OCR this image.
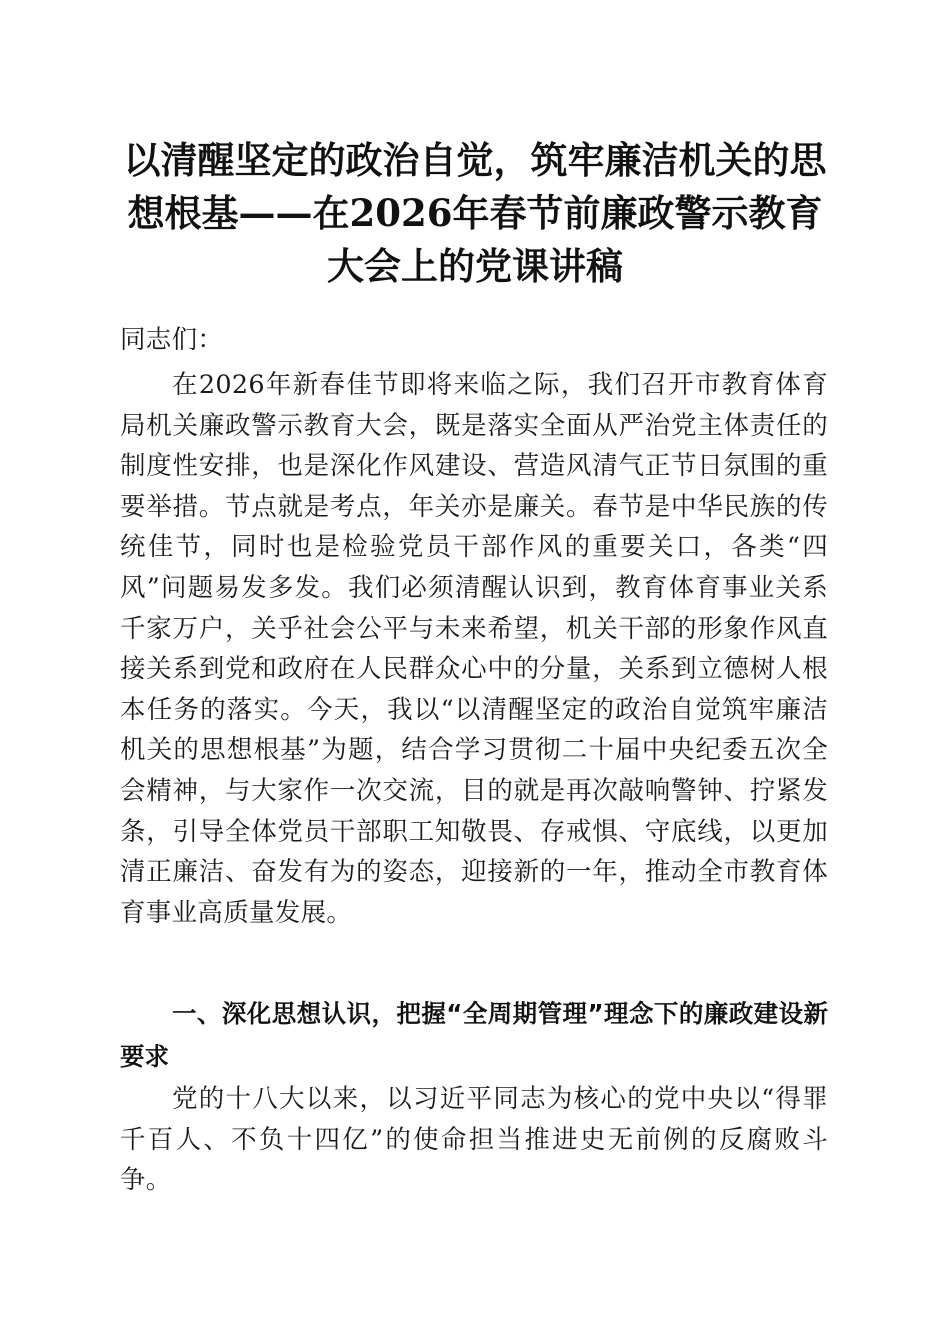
以清醒坚定的政治自觉，筑牢廉洁机关的思想根基——在2026年春节前廉政警示教育大会上的党课讲稿

同志们：

在2026年新春佳节即将来临之际，我们召开市教育体育局机关廉政警示教育大会，既是落实全面从严治党主体责任的制度性安排，也是深化作风建设、营造风清气正节日氛围的重要举措。节点就是考点，年关亦是廉关。春节是中华民族的传统佳节，同时也是检验党员干部作风的重要关口，各类“四风”问题易发多发。我们必须清醒认识到，教育体育事业关系千家万户，关乎社会公平与未来希望，机关干部的形象作风直接关系到党和政府在人民群众心中的分量，关系到立德树人根本任务的落实。今天，我以“以清醒坚定的政治自觉筑牢廉洁机关的思想根基”为题，结合学习贯彻二十届中央纪委五次全会精神，与大家作一次交流，目的就是再次敲响警钟、拧紧发条，引导全体党员干部职工知敬畏、存戒惧、守底线，以更加清正廉洁、奋发有为的姿态，迎接新的一年，推动全市教育体育事业高质量发展。

一、深化思想认识，把握“全周期管理”理念下的廉政建设新要求

党的十八大以来，以习近平同志为核心的党中央以“得罪千百人、不负十四亿”的使命担当推进史无前例的反腐败斗争。
